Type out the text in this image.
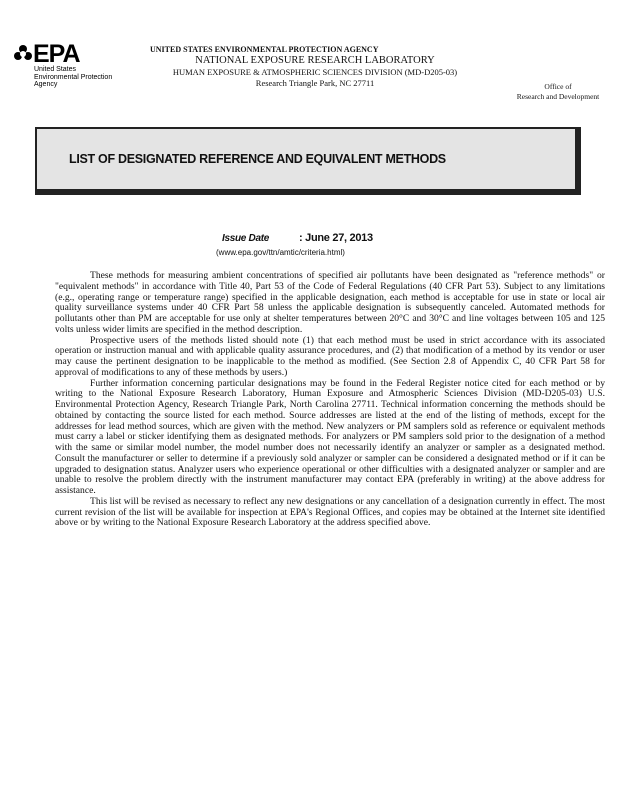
EPA
United States
Environmental Protection
Agency
UNITED STATES ENVIRONMENTAL PROTECTION AGENCY
NATIONAL EXPOSURE RESEARCH LABORATORY
HUMAN EXPOSURE & ATMOSPHERIC SCIENCES DIVISION (MD-D205-03)
Research Triangle Park, NC 27711	Office of
Research and Development
LIST OF DESIGNATED REFERENCE AND EQUIVALENT METHODS
Issue Date	: June 27, 2013
(www.epa.gov/ttn/amtic/criteria.html)

These methods for measuring ambient concentrations of specified air pollutants have been designated as "reference methods" or "equivalent methods" in accordance with Title 40, Part 53 of the Code of Federal Regulations (40 CFR Part 53). Subject to any limitations (e.g., operating range or temperature range) specified in the applicable designation, each method is acceptable for use in state or local air quality surveillance systems under 40 CFR Part 58 unless the applicable designation is subsequently canceled. Automated methods for pollutants other than PM are acceptable for use only at shelter temperatures between 20°C and 30°C and line voltages between 105 and 125 volts unless wider limits are specified in the method description.

Prospective users of the methods listed should note (1) that each method must be used in strict accordance with its associated operation or instruction manual and with applicable quality assurance procedures, and (2) that modification of a method by its vendor or user may cause the pertinent designation to be inapplicable to the method as modified. (See Section 2.8 of Appendix C, 40 CFR Part 58 for approval of modifications to any of these methods by users.)

Further information concerning particular designations may be found in the Federal Register notice cited for each method or by writing to the National Exposure Research Laboratory, Human Exposure and Atmospheric Sciences Division (MD-D205-03) U.S. Environmental Protection Agency, Research Triangle Park, North Carolina 27711. Technical information concerning the methods should be obtained by contacting the source listed for each method. Source addresses are listed at the end of the listing of methods, except for the addresses for lead method sources, which are given with the method. New analyzers or PM samplers sold as reference or equivalent methods must carry a label or sticker identifying them as designated methods. For analyzers or PM samplers sold prior to the designation of a method with the same or similar model number, the model number does not necessarily identify an analyzer or sampler as a designated method. Consult the manufacturer or seller to determine if a previously sold analyzer or sampler can be considered a designated method or if it can be upgraded to designation status. Analyzer users who experience operational or other difficulties with a designated analyzer or sampler and are unable to resolve the problem directly with the instrument manufacturer may contact EPA (preferably in writing) at the above address for assistance.

This list will be revised as necessary to reflect any new designations or any cancellation of a designation currently in effect. The most current revision of the list will be available for inspection at EPA's Regional Offices, and copies may be obtained at the Internet site identified above or by writing to the National Exposure Research Laboratory at the address specified above.
